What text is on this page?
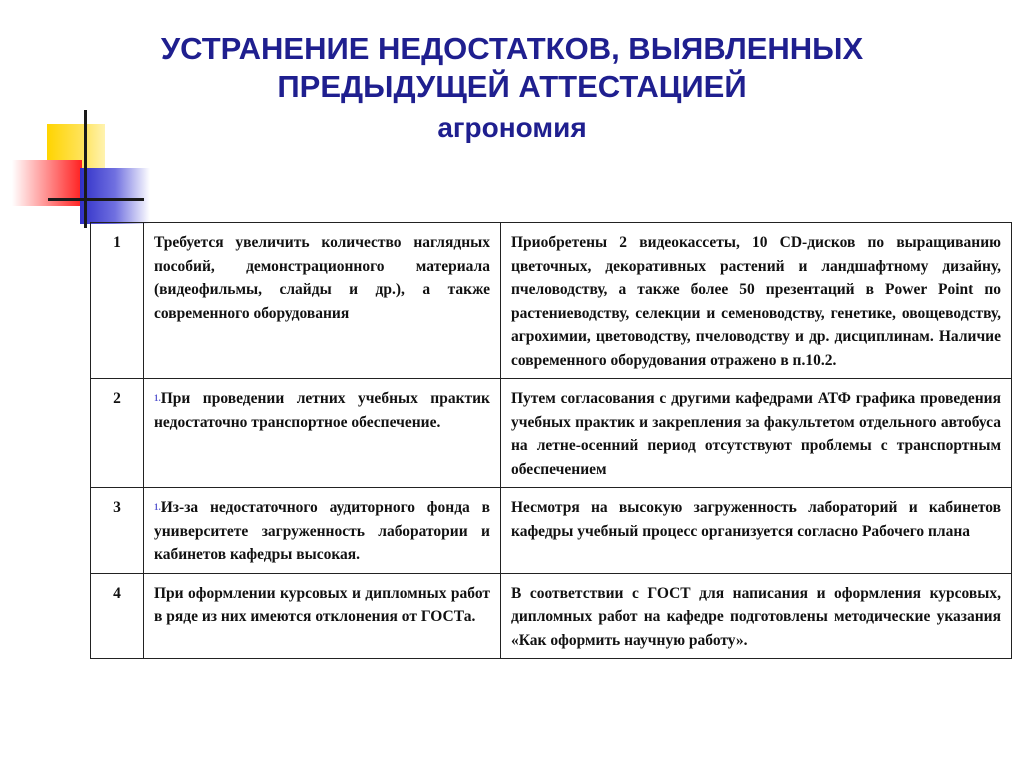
УСТРАНЕНИЕ НЕДОСТАТКОВ, ВЫЯВЛЕННЫХ
ПРЕДЫДУЩЕЙ АТТЕСТАЦИЕЙ
агрономия
1	Требуется увеличить количество наглядных пособий, демонстрационного материала (видеофильмы, слайды и др.), а также современного оборудования	Приобретены 2 видеокассеты, 10 CD-дисков по выращиванию цветочных, декоративных растений и ландшафтному дизайну, пчеловодству, а также более 50 презентаций в Power Point по растениеводству, селекции и семеноводству, генетике, овощеводству, агрохимии, цветоводству, пчеловодству и др. дисциплинам. Наличие современного оборудования отражено в п.10.2.
2	1.При проведении летних учебных практик недостаточно транспортное обеспечение.	Путем согласования с другими кафедрами АТФ графика проведения учебных практик и закрепления за факультетом отдельного автобуса на летне-осенний период отсутствуют проблемы с транспортным обеспечением
3	1.Из-за недостаточного аудиторного фонда в университете загруженность лаборатории и кабинетов кафедры высокая.	Несмотря на высокую загруженность лабораторий и кабинетов кафедры учебный процесс организуется согласно Рабочего плана
4	При оформлении курсовых и дипломных работ в ряде из них имеются отклонения от ГОСТа.	В соответствии с ГОСТ для написания и оформления курсовых, дипломных работ на кафедре подготовлены методические указания «Как оформить научную работу».
